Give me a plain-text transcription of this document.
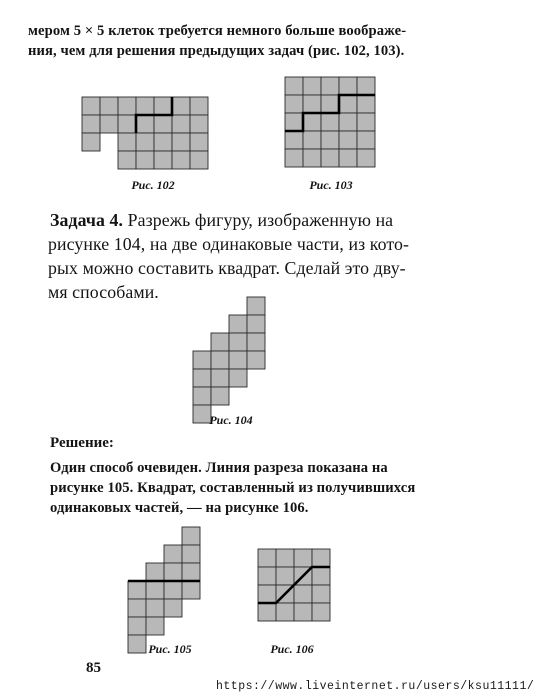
мером 5 × 5 клеток требуется немного больше воображе-
ния, чем для решения предыдущих задач (рис. 102, 103).

Рис. 102	Рис. 103

Задача 4. Разрежь фигуру, изображенную на
рисунке 104, на две одинаковые части, из кото-
рых можно составить квадрат. Сделай это дву-
мя способами.

Рис. 104

Решение:

Один способ очевиден. Линия разреза показана на
рисунке 105. Квадрат, составленный из получившихся
одинаковых частей, — на рисунке 106.

Рис. 105	Рис. 106

85

https://www.liveinternet.ru/users/ksu11111/
